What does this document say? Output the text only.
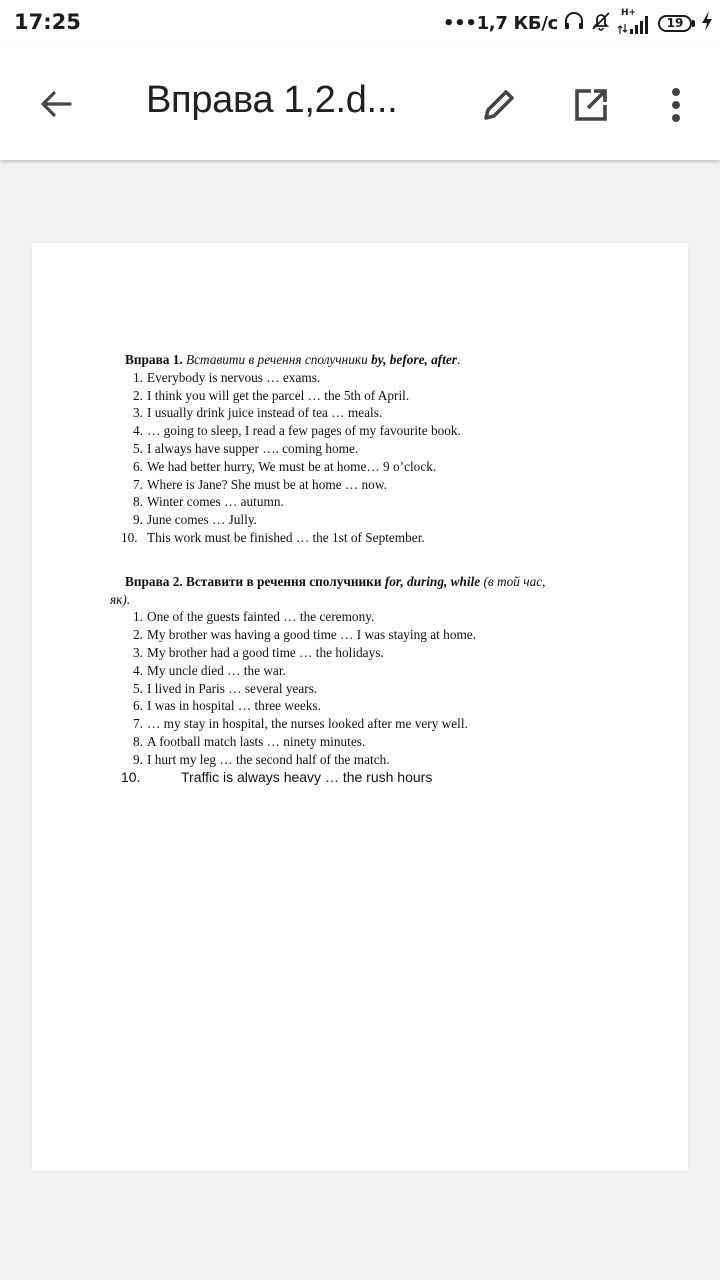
17:25	•••1,7 КБ/с	H+
19
Вправа 1,2.d...

Вправа 1. Вставити в речення сполучники by, before, after.

1. Everybody is nervous … exams.
2. I think you will get the parcel … the 5th of April.
3. I usually drink juice instead of tea … meals.
4. … going to sleep, I read a few pages of my favourite book.
5. I always have supper …. coming home.
6. We had better hurry, We must be at home… 9 o’clock.
7. Where is Jane? She must be at home … now.
8. Winter comes … autumn.
9. June comes … Jully.
10. This work must be finished … the 1st of September.

Вправа 2. Вставити в речення сполучники for, during, while (в той час,

як).

1. One of the guests fainted … the ceremony.
2. My brother was having a good time … I was staying at home.
3. My brother had a good time … the holidays.
4. My uncle died … the war.
5. I lived in Paris … several years.
6. I was in hospital … three weeks.
7. … my stay in hospital, the nurses looked after me very well.
8. A football match lasts … ninety minutes.
9. I hurt my leg … the second half of the match.
10.	Traffic is always heavy … the rush hours
